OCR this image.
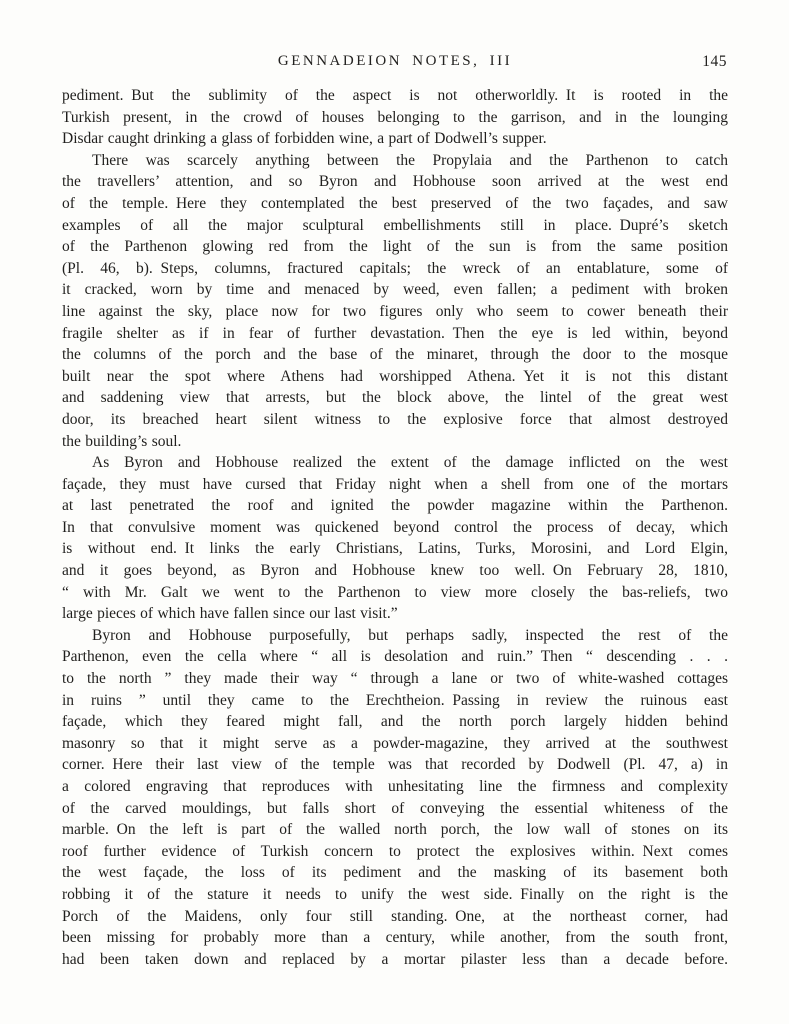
GENNADEION NOTES, III	145
pediment. But the sublimity of the aspect is not otherworldly. It is rooted in the
Turkish present, in the crowd of houses belonging to the garrison, and in the lounging
Disdar caught drinking a glass of forbidden wine, a part of Dodwell’s supper.
There was scarcely anything between the Propylaia and the Parthenon to catch
the travellers’ attention, and so Byron and Hobhouse soon arrived at the west end
of the temple. Here they contemplated the best preserved of the two façades, and saw
examples of all the major sculptural embellishments still in place. Dupré’s sketch
of the Parthenon glowing red from the light of the sun is from the same position
(Pl. 46, b). Steps, columns, fractured capitals; the wreck of an entablature, some of
it cracked, worn by time and menaced by weed, even fallen; a pediment with broken
line against the sky, place now for two figures only who seem to cower beneath their
fragile shelter as if in fear of further devastation. Then the eye is led within, beyond
the columns of the porch and the base of the minaret, through the door to the mosque
built near the spot where Athens had worshipped Athena. Yet it is not this distant
and saddening view that arrests, but the block above, the lintel of the great west
door, its breached heart silent witness to the explosive force that almost destroyed
the building’s soul.
As Byron and Hobhouse realized the extent of the damage inflicted on the west
façade, they must have cursed that Friday night when a shell from one of the mortars
at last penetrated the roof and ignited the powder magazine within the Parthenon.
In that convulsive moment was quickened beyond control the process of decay, which
is without end. It links the early Christians, Latins, Turks, Morosini, and Lord Elgin,
and it goes beyond, as Byron and Hobhouse knew too well. On February 28, 1810,
“ with Mr. Galt we went to the Parthenon to view more closely the bas-reliefs, two
large pieces of which have fallen since our last visit.”
Byron and Hobhouse purposefully, but perhaps sadly, inspected the rest of the
Parthenon, even the cella where “ all is desolation and ruin.” Then “ descending . . .
to the north ” they made their way “ through a lane or two of white-washed cottages
in ruins ” until they came to the Erechtheion. Passing in review the ruinous east
façade, which they feared might fall, and the north porch largely hidden behind
masonry so that it might serve as a powder-magazine, they arrived at the southwest
corner. Here their last view of the temple was that recorded by Dodwell (Pl. 47, a) in
a colored engraving that reproduces with unhesitating line the firmness and complexity
of the carved mouldings, but falls short of conveying the essential whiteness of the
marble. On the left is part of the walled north porch, the low wall of stones on its
roof further evidence of Turkish concern to protect the explosives within. Next comes
the west façade, the loss of its pediment and the masking of its basement both
robbing it of the stature it needs to unify the west side. Finally on the right is the
Porch of the Maidens, only four still standing. One, at the northeast corner, had
been missing for probably more than a century, while another, from the south front,
had been taken down and replaced by a mortar pilaster less than a decade before.
